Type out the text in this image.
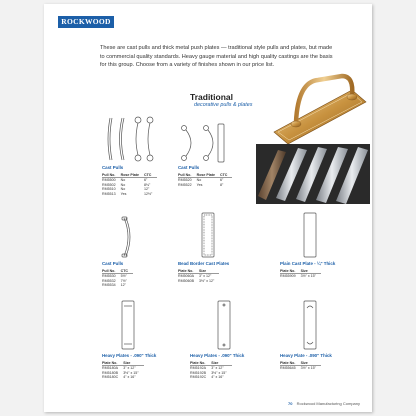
ROCKWOOD

These are cast pulls and thick metal push plates — traditional style pulls and plates, but made to commercial quality standards. Heavy gauge material and high quality castings are the basis for this group. Choose from a variety of finishes shown in our price list.

Traditional
decorative pulls & plates
Cast Pulls
Pull No.	Rose Plate	CTC
RM5500	No	6"
RM5502	No	8⅛"
RM5510	No	12"
RM5513	Yes	12½"
Cast Pulls
Pull No.	Rose Plate	CTC
RM5520	No	6"
RM5522	Yes	8"
Cast Pulls
Pull No.	CTC
RM5530	5½"
RM5532	7½"
RM5534	12"
Bead Border Cast Plates
Plate No.	Size
RM5060A	3" x 12"
RM5060B	3½" x 12"
Plain Cast Plate - ¼" Thick
Plate No.	Size
RM55909	3½" x 15"
Heavy Plates - .090" Thick
Plate No.	Size
RM5180A	3" x 12"
RM5180B	3½" x 15"
RM5180C	4" x 16"
Heavy Plates - .090" Thick
Plate No.	Size
RM5192A	3" x 12"
RM5192B	3½" x 15"
RM5192C	4" x 16"
Heavy Plate - .090" Thick
Plate No.	Size
RM55645	3½" x 15"
70 Rockwood Manufacturing Company
